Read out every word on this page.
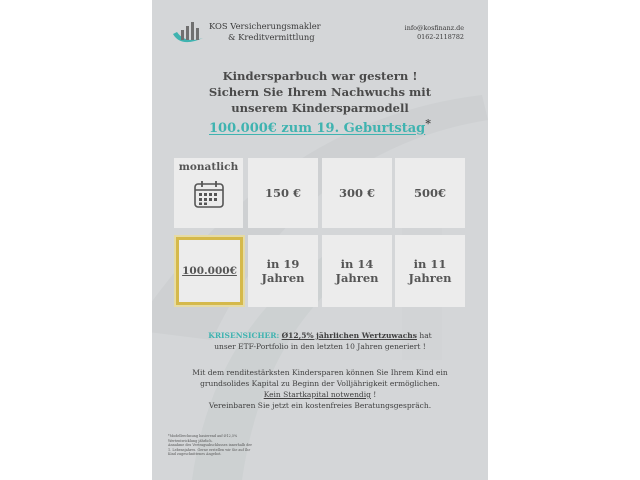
KOS Versicherungsmakler
& Kreditvermittlung
info@kosfinanz.de
0162-2118782
Kindersparbuch war gestern !
Sichern Sie Ihrem Nachwuchs mit
unserem Kindersparmodell
100.000€ zum 19. Geburtstag*
monatlich
150 €	300 €	500€
100.000€
in 19
Jahren
in 14
Jahren
in 11
Jahren
KRISENSICHER: Ø12,5% jährlichen Wertzuwachs hat
unser ETF-Portfolio in den letzten 10 Jahren generiert !
Mit dem renditestärksten Kindersparen können Sie Ihrem Kind ein
grundsolides Kapital zu Beginn der Volljährigkeit ermöglichen.
Kein Startkapital notwendig !
Vereinbaren Sie jetzt ein kostenfreies Beratungsgespräch.
*Modellrechnung basierend auf Ø12,5%
Wertentwicklung jährlich.
Annahme des Vertragsabschlusses innerhalb der
1. Lebensjahres. Gerne erstellen wir Sie auf Ihr
Kind zugeschnittenes Angebot.
